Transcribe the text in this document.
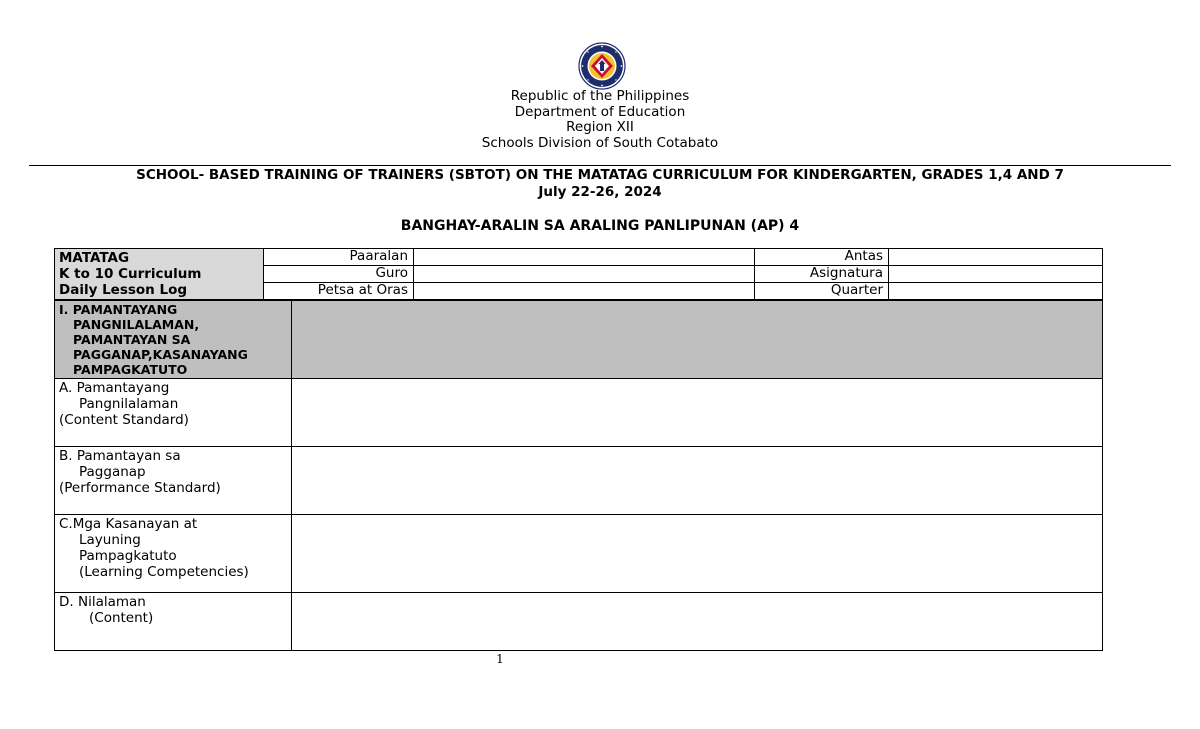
Republic of the Philippines
Department of Education
Region XII
Schools Division of South Cotabato
SCHOOL- BASED TRAINING OF TRAINERS (SBTOT) ON THE MATATAG CURRICULUM FOR KINDERGARTEN, GRADES 1,4 AND 7
July 22-26, 2024
BANGHAY-ARALIN SA ARALING PANLIPUNAN (AP) 4
MATATAG
K to 10 Curriculum
Daily Lesson Log	Paaralan		Antas	
	Guro		Asignatura	
	Petsa at Oras		Quarter	
I. PAMANTAYANG
PANGNILALAMAN,
PAMANTAYAN SA
PAGGANAP,KASANAYANG
PAMPAGKATUTO	

A. Pamantayang
Pangnilalaman
(Content Standard)	

B. Pamantayan sa
Pagganap
(Performance Standard)	

C.Mga Kasanayan at
Layuning
Pampagkatuto
(Learning Competencies)	

D. Nilalaman
(Content)	

1
